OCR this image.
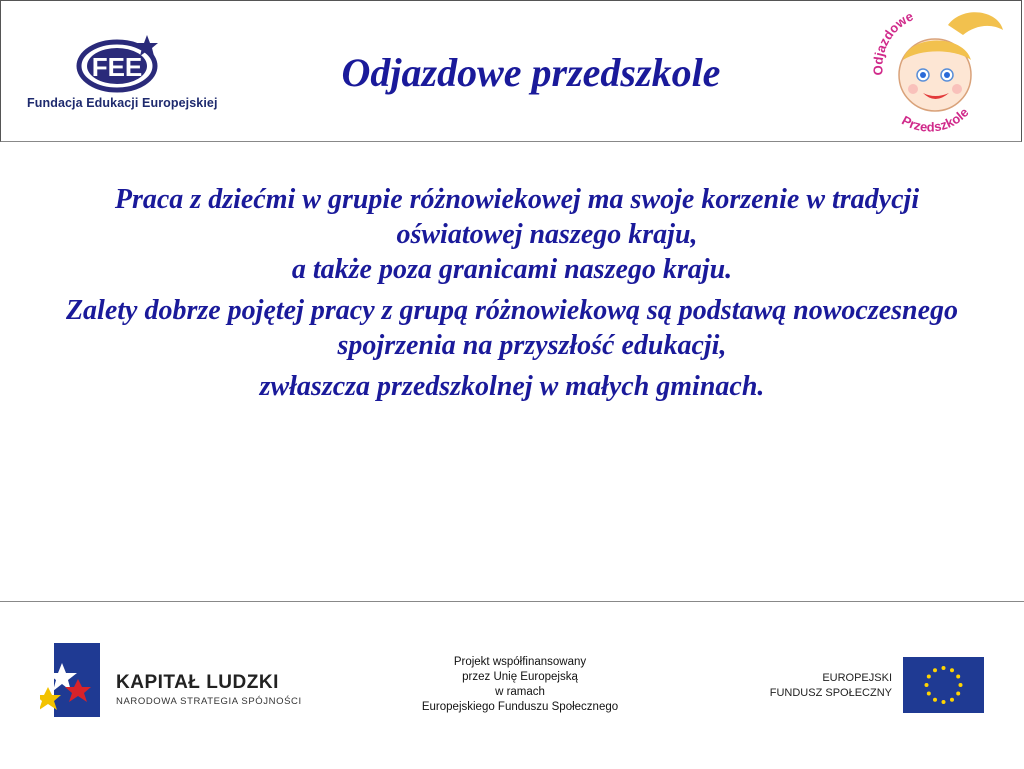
FEE
Fundacja Edukacji Europejskiej
Odjazdowe przedszkole	Odjazdowe
Przedszkole

Praca z dziećmi w grupie różnowiekowej ma swoje korzenie w tradycji oświatowej naszego kraju,

a także poza granicami naszego kraju.

Zalety dobrze pojętej pracy z grupą różnowiekową są podstawą nowoczesnego spojrzenia na przyszłość edukacji,

zwłaszcza przedszkolnej w małych gminach.

KAPITAŁ LUDZKI
NARODOWA STRATEGIA SPÓJNOŚCI
Projekt współfinansowany
przez Unię Europejską
w ramach
Europejskiego Funduszu Społecznego
EUROPEJSKI
FUNDUSZ SPOŁECZNY
